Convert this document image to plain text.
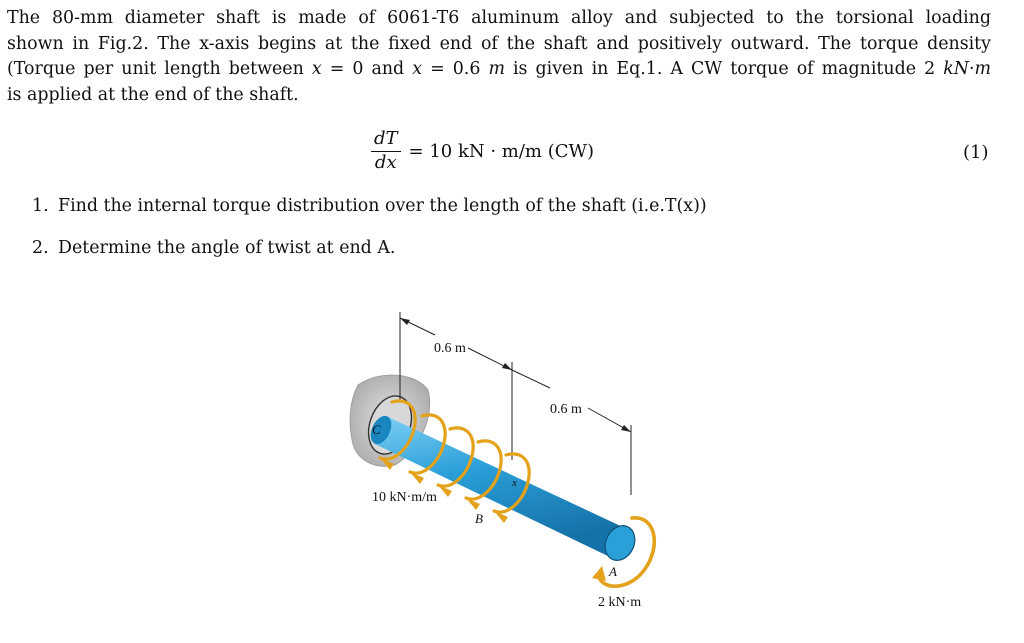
The 80-mm diameter shaft is made of 6061-T6 aluminum alloy and subjected to the torsional loading
shown in Fig.2. The x-axis begins at the fixed end of the shaft and positively outward. The torque density
(Torque per unit length between x = 0 and x = 0.6 m is given in Eq.1. A CW torque of magnitude 2 kN·m
is applied at the end of the shaft.
$\frac{dT}{dx} = 10$ kN · m/m (CW)	(1)
1. Find the internal torque distribution over the length of the shaft (i.e.T(x))
2. Determine the angle of twist at end A.
0.6 m
0.6 m
C
10 kN·m/m
B
x
A
2 kN·m
